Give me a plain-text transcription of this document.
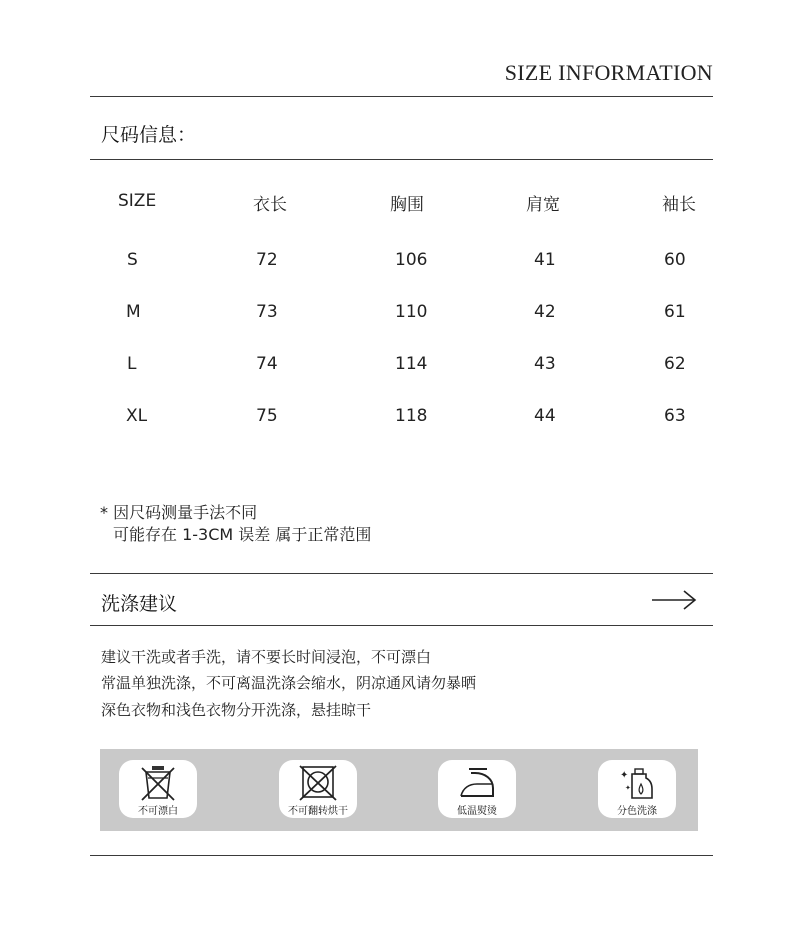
SIZE INFORMATION
尺码信息：
SIZE	衣长	胸围	肩宽	袖长
S	72	106	41	60
M	73	110	42	61
L	74	114	43	62
XL	75	118	44	63
* 因尺码测量手法不同
可能存在 1-3CM 误差 属于正常范围
洗涤建议
建议干洗或者手洗，请不要长时间浸泡，不可漂白
常温单独洗涤，不可离温洗涤会缩水，阴凉通风请勿暴晒
深色衣物和浅色衣物分开洗涤，悬挂晾干
不可漂白	不可翻转烘干	低温熨烫
✦
✦
分色洗涤
